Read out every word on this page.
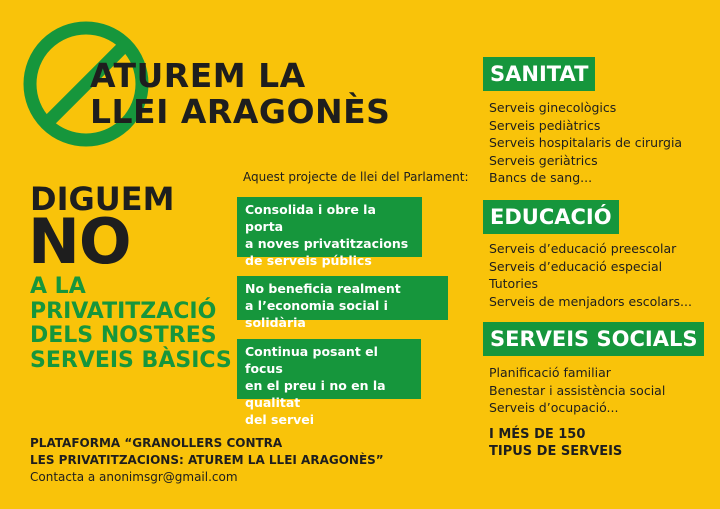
ATUREM LA
LLEI ARAGONÈS
DIGUEM
NO
A LA
PRIVATITZACIÓ
DELS NOSTRES
SERVEIS BÀSICS
Aquest projecte de llei del Parlament:
Consolida i obre la porta
a noves privatitzacions
de serveis públics
No beneficia realment
a l’economia social i solidària
Continua posant el focus
en el preu i no en la qualitat
del servei
SANITAT
Serveis ginecològics
Serveis pediàtrics
Serveis hospitalaris de cirurgia
Serveis geriàtrics
Bancs de sang...
EDUCACIÓ
Serveis d’educació preescolar
Serveis d’educació especial
Tutories
Serveis de menjadors escolars...
SERVEIS SOCIALS
Planificació familiar
Benestar i assistència social
Serveis d’ocupació...
I MÉS DE 150
TIPUS DE SERVEIS
PLATAFORMA “GRANOLLERS CONTRA
LES PRIVATITZACIONS: ATUREM LA LLEI ARAGONÈS”
Contacta a anonimsgr@gmail.com
